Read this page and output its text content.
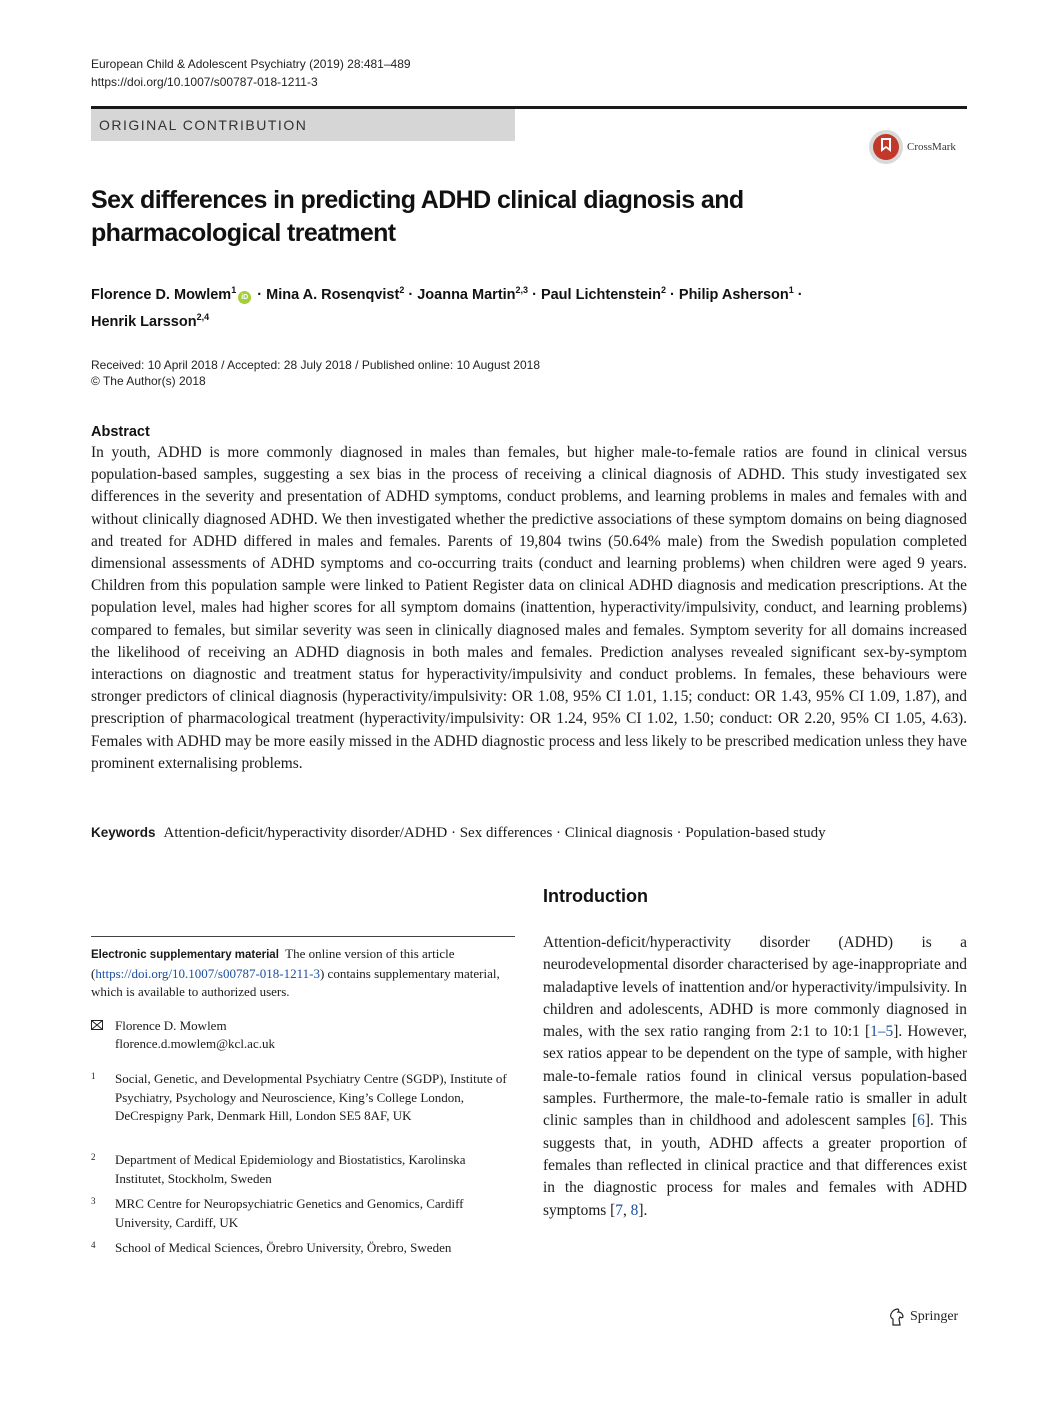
European Child & Adolescent Psychiatry (2019) 28:481–489
https://doi.org/10.1007/s00787-018-1211-3
ORIGINAL CONTRIBUTION
CrossMark
Sex differences in predicting ADHD clinical diagnosis and pharmacological treatment
Florence D. Mowlem$^1$iD · Mina A. Rosenqvist$^2$ · Joanna Martin$^{2,3}$ · Paul Lichtenstein$^2$ · Philip Asherson$^1$ ·
Henrik Larsson$^{2,4}$
Received: 10 April 2018 / Accepted: 28 July 2018 / Published online: 10 August 2018
© The Author(s) 2018
Abstract
In youth, ADHD is more commonly diagnosed in males than females, but higher male-to-female ratios are found in clinical versus population-based samples, suggesting a sex bias in the process of receiving a clinical diagnosis of ADHD. This study investigated sex differences in the severity and presentation of ADHD symptoms, conduct problems, and learning problems in males and females with and without clinically diagnosed ADHD. We then investigated whether the predictive associations of these symptom domains on being diagnosed and treated for ADHD differed in males and females. Parents of 19,804 twins (50.64% male) from the Swedish population completed dimensional assessments of ADHD symptoms and co-occurring traits (conduct and learning problems) when children were aged 9 years. Children from this population sample were linked to Patient Register data on clinical ADHD diagnosis and medication prescriptions. At the population level, males had higher scores for all symptom domains (inattention, hyperactivity/impulsivity, conduct, and learning problems) compared to females, but similar severity was seen in clinically diagnosed males and females. Symptom severity for all domains increased the likelihood of receiving an ADHD diagnosis in both males and females. Prediction analyses revealed significant sex-by-symptom interactions on diagnostic and treatment status for hyperactivity/impulsivity and conduct problems. In females, these behaviours were stronger predictors of clinical diagnosis (hyperactivity/impulsivity: OR 1.08, 95% CI 1.01, 1.15; conduct: OR 1.43, 95% CI 1.09, 1.87), and prescription of pharmacological treatment (hyperactivity/impulsivity: OR 1.24, 95% CI 1.02, 1.50; conduct: OR 2.20, 95% CI 1.05, 4.63). Females with ADHD may be more easily missed in the ADHD diagnostic process and less likely to be prescribed medication unless they have prominent externalising problems.
Keywords Attention-deficit/hyperactivity disorder/ADHD · Sex differences · Clinical diagnosis · Population-based study
Electronic supplementary material The online version of this article (https://doi.org/10.1007/s00787-018-1211-3) contains supplementary material, which is available to authorized users.
Florence D. Mowlem
florence.d.mowlem@kcl.ac.uk
1 Social, Genetic, and Developmental Psychiatry Centre (SGDP), Institute of Psychiatry, Psychology and Neuroscience, King’s College London, DeCrespigny Park, Denmark Hill, London SE5 8AF, UK
2 Department of Medical Epidemiology and Biostatistics, Karolinska Institutet, Stockholm, Sweden
3 MRC Centre for Neuropsychiatric Genetics and Genomics, Cardiff University, Cardiff, UK
4 School of Medical Sciences, Örebro University, Örebro, Sweden
Introduction
Attention-deficit/hyperactivity disorder (ADHD) is a neurodevelopmental disorder characterised by age-inappropriate and maladaptive levels of inattention and/or hyperactivity/impulsivity. In children and adolescents, ADHD is more commonly diagnosed in males, with the sex ratio ranging from 2:1 to 10:1 [1–5]. However, sex ratios appear to be dependent on the type of sample, with higher male-to-female ratios found in clinical versus population-based samples. Furthermore, the male-to-female ratio is smaller in adult clinic samples than in childhood and adolescent samples [6]. This suggests that, in youth, ADHD affects a greater proportion of females than reflected in clinical practice and that differences exist in the diagnostic process for males and females with ADHD symptoms [7, 8].
Springer
